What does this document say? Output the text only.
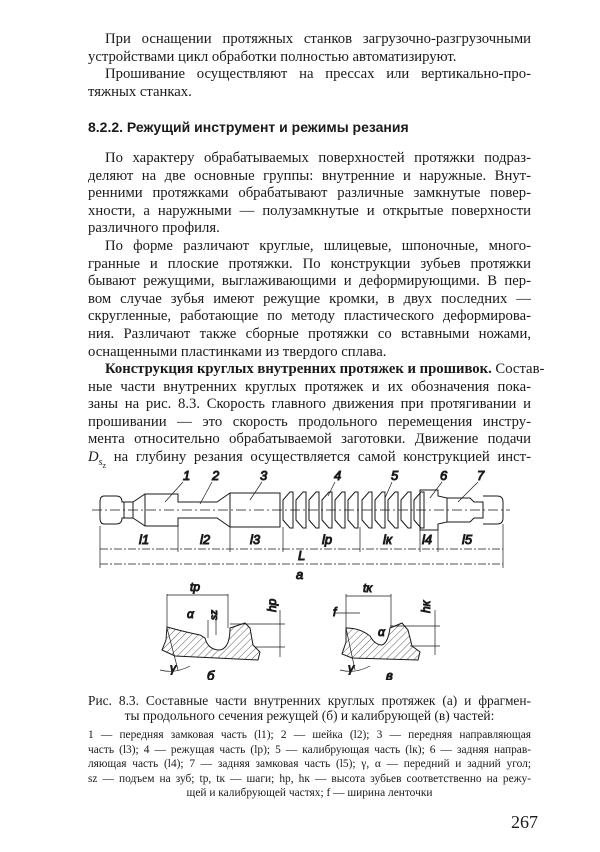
При оснащении протяжных станков загрузочно-разгрузочными
устройствами цикл обработки полностью автоматизируют.
Прошивание осуществляют на прессах или вертикально-про-
тяжных станках.
8.2.2. Режущий инструмент и режимы резания
По характеру обрабатываемых поверхностей протяжки подраз-
деляют на две основные группы: внутренние и наружные. Внут-
ренними протяжками обрабатывают различные замкнутые повер-
хности, а наружными — полузамкнутые и открытые поверхности
различного профиля.
По форме различают круглые, шлицевые, шпоночные, много-
гранные и плоские протяжки. По конструкции зубьев протяжки
бывают режущими, выглаживающими и деформирующими. В пер-
вом случае зубья имеют режущие кромки, в двух последних —
скругленные, работающие по методу пластического деформирова-
ния. Различают также сборные протяжки со вставными ножами,
оснащенными пластинками из твердого сплава.
Конструкция круглых внутренних протяжек и прошивок. Состав-
ные части внутренних круглых протяжек и их обозначения пока-
заны на рис. 8.3. Скорость главного движения при протягивании и
прошивании — это скорость продольного перемещения инстру-
мента относительно обрабатываемой заготовки. Движение подачи
$D_{s_z}$ на глубину резания осуществляется самой конструкцией инст-
1 2	3	4	5	6 7
l1	l2	l3	lр	lк l4 l5
L
а
tр
hр
sz
α
γ б
tк
hк
f
α
γ в
Рис. 8.3. Составные части внутренних круглых протяжек (а) и фрагмен-
ты продольного сечения режущей (б) и калибрующей (в) частей:
1 — передняя замковая часть (l1); 2 — шейка (l2); 3 — передняя направляющая
часть (l3); 4 — режущая часть (lр); 5 — калибрующая часть (lк); 6 — задняя направ-
ляющая часть (l4); 7 — задняя замковая часть (l5); γ, α — передний и задний угол;
sz — подъем на зуб; tр, tк — шаги; hр, hк — высота зубьев соответственно на режу-
щей и калибрующей частях; f — ширина ленточки
267
